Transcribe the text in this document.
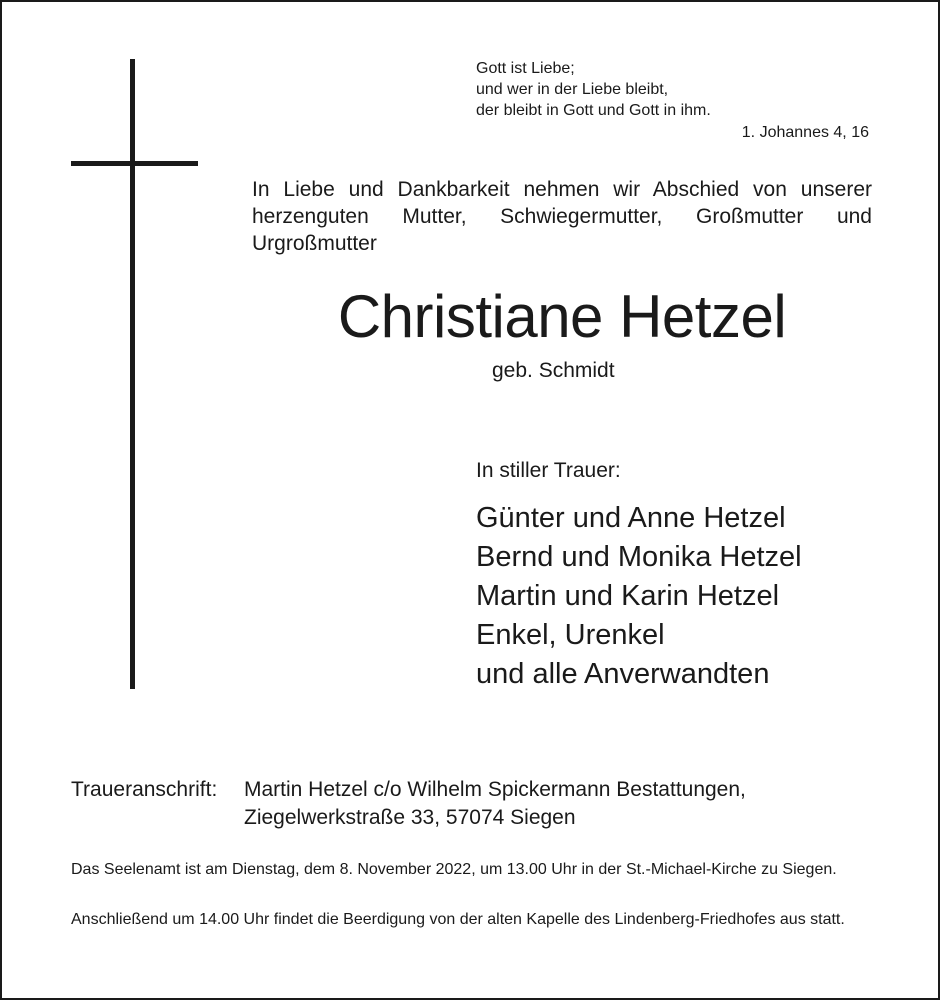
Gott ist Liebe;
und wer in der Liebe bleibt,
der bleibt in Gott und Gott in ihm.
1. Johannes 4, 16
In Liebe und Dankbarkeit nehmen wir Abschied von unserer herzenguten Mutter, Schwiegermutter, Großmutter und Urgroßmutter
Christiane Hetzel
geb. Schmidt
In stiller Trauer:
Günter und Anne Hetzel
Bernd und Monika Hetzel
Martin und Karin Hetzel
Enkel, Urenkel
und alle Anverwandten
Traueranschrift: Martin Hetzel c/o Wilhelm Spickermann Bestattungen,
Ziegelwerkstraße 33, 57074 Siegen
Das Seelenamt ist am Dienstag, dem 8. November 2022, um 13.00 Uhr in der St.-Michael-Kirche zu Siegen.
Anschließend um 14.00 Uhr findet die Beerdigung von der alten Kapelle des Lindenberg-Friedhofes aus statt.
